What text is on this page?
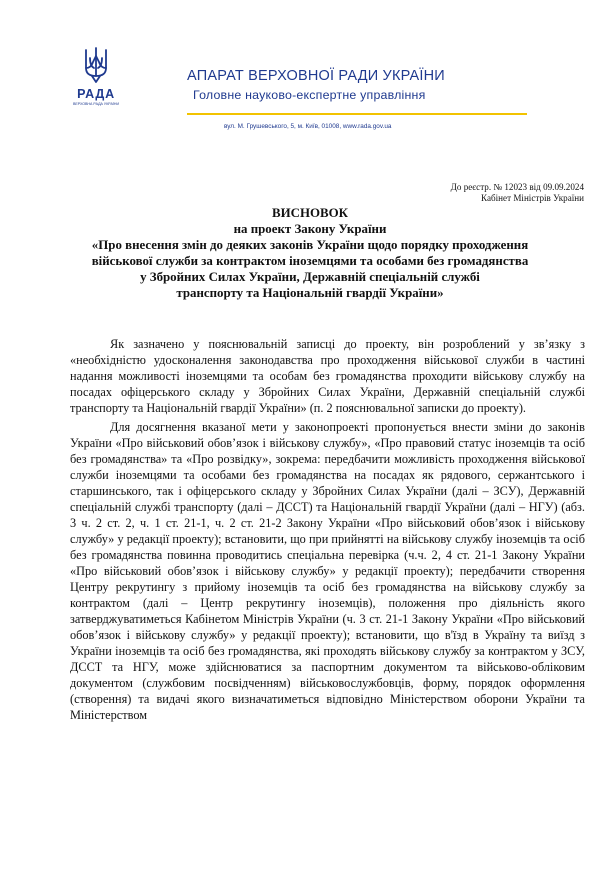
РАДА
ВЕРХОВНА РАДА УКРАЇНИ
АПАРАТ ВЕРХОВНОЇ РАДИ УКРАЇНИ
Головне науково-експертне управління
вул. М. Грушевського, 5, м. Київ, 01008, www.rada.gov.ua
До реєстр. № 12023 від 09.09.2024
Кабінет Міністрів України
ВИСНОВОК
на проект Закону України
«Про внесення змін до деяких законів України щодо порядку проходження
військової служби за контрактом іноземцями та особами без громадянства
у Збройних Силах України, Державній спеціальній службі
транспорту та Національній гвардії України»

Як зазначено у пояснювальній записці до проекту, він розроблений у зв’язку з «необхідністю удосконалення законодавства про проходження військової служби в частині надання можливості іноземцями та особам без громадянства проходити військову службу на посадах офіцерського складу у Збройних Силах України, Державній спеціальній службі транспорту та Національній гвардії України» (п. 2 пояснювальної записки до проекту).

Для досягнення вказаної мети у законопроекті пропонується внести зміни до законів України «Про військовий обов’язок і військову службу», «Про правовий статус іноземців та осіб без громадянства» та «Про розвідку», зокрема: передбачити можливість проходження військової служби іноземцями та особами без громадянства на посадах як рядового, сержантського і старшинського, так і офіцерського складу у Збройних Силах України (далі – ЗСУ), Державній спеціальній службі транспорту (далі – ДССТ) та Національній гвардії України (далі – НГУ) (абз. 3 ч. 2 ст. 2, ч. 1 ст. 21-1, ч. 2 ст. 21-2 Закону України «Про військовий обов’язок і військову службу» у редакції проекту); встановити, що при прийнятті на військову службу іноземців та осіб без громадянства повинна проводитись спеціальна перевірка (ч.ч. 2, 4 ст. 21-1 Закону України «Про військовий обов’язок і військову службу» у редакції проекту); передбачити створення Центру рекрутингу з прийому іноземців та осіб без громадянства на військову службу за контрактом (далі – Центр рекрутингу іноземців), положення про діяльність якого затверджуватиметься Кабінетом Міністрів України (ч. 3 ст. 21-1 Закону України «Про військовий обов’язок і військову службу» у редакції проекту); встановити, що в'їзд в Україну та виїзд з України іноземців та осіб без громадянства, які проходять військову службу за контрактом у ЗСУ, ДССТ та НГУ, може здійснюватися за паспортним документом та військово-обліковим документом (службовим посвідченням) військовослужбовців, форму, порядок оформлення (створення) та видачі якого визначатиметься відповідно Міністерством оборони України та Міністерством
